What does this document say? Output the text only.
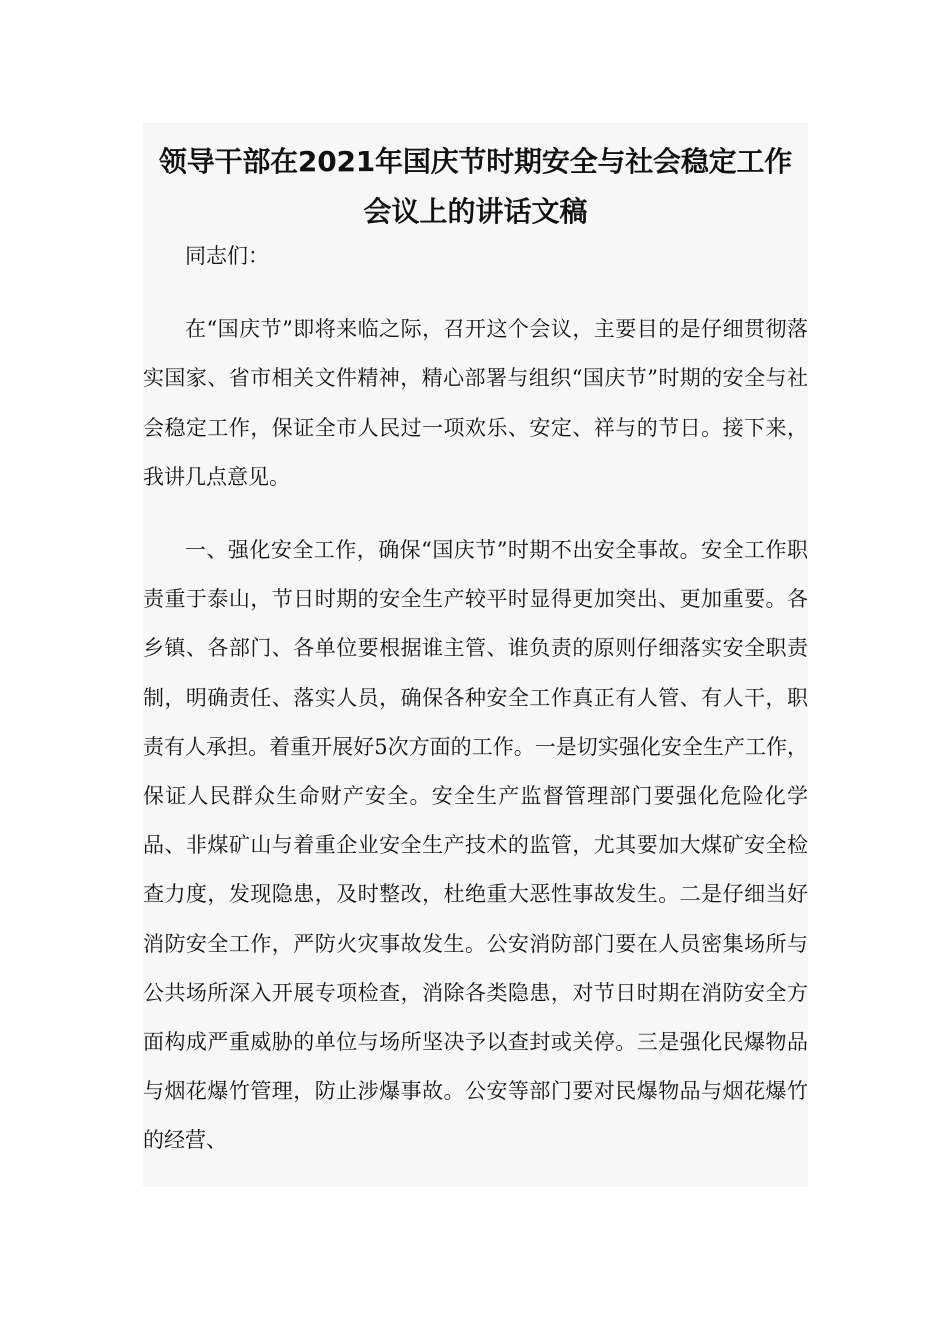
领导干部在2021年国庆节时期安全与社会稳定工作
会议上的讲话文稿

同志们：

在“国庆节”即将来临之际，召开这个会议，主要目的是仔细贯彻落实国家、省市相关文件精神，精心部署与组织“国庆节”时期的安全与社会稳定工作，保证全市人民过一项欢乐、安定、祥与的节日。接下来，我讲几点意见。

一、强化安全工作，确保“国庆节”时期不出安全事故。安全工作职责重于泰山，节日时期的安全生产较平时显得更加突出、更加重要。各乡镇、各部门、各单位要根据谁主管、谁负责的原则仔细落实安全职责制，明确责任、落实人员，确保各种安全工作真正有人管、有人干，职责有人承担。着重开展好5次方面的工作。一是切实强化安全生产工作，保证人民群众生命财产安全。安全生产监督管理部门要强化危险化学品、非煤矿山与着重企业安全生产技术的监管，尤其要加大煤矿安全检查力度，发现隐患，及时整改，杜绝重大恶性事故发生。二是仔细当好消防安全工作，严防火灾事故发生。公安消防部门要在人员密集场所与公共场所深入开展专项检查，消除各类隐患，对节日时期在消防安全方面构成严重威胁的单位与场所坚决予以查封或关停。三是强化民爆物品与烟花爆竹管理，防止涉爆事故。公安等部门要对民爆物品与烟花爆竹的经营、
